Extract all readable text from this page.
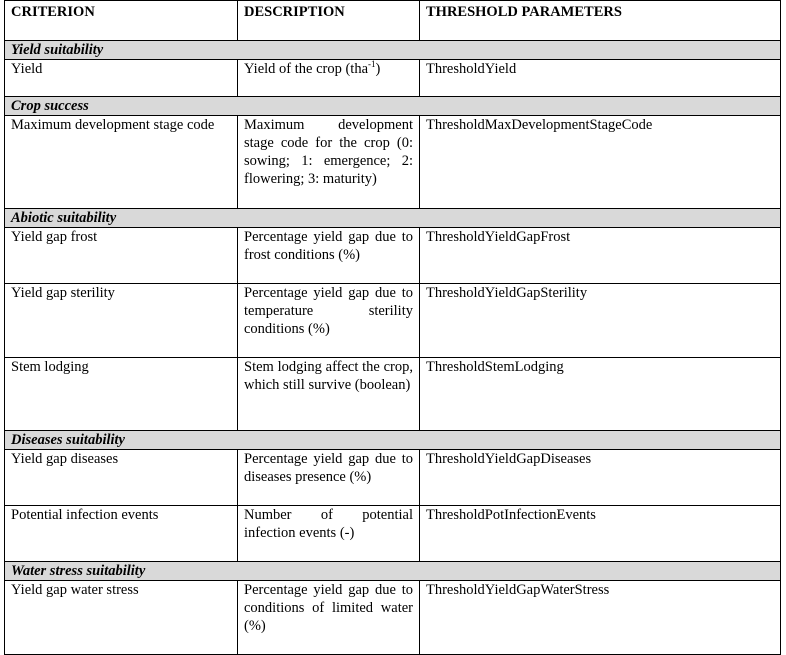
CRITERION	DESCRIPTION	THRESHOLD PARAMETERS
Yield suitability		
Yield	Yield of the crop (tha$^{-1}$)	ThresholdYield
Crop success		
Maximum development stage code	Maximum development stage code for the crop (0: sowing; 1: emergence; 2: flowering; 3: maturity)	ThresholdMaxDevelopmentStageCode
Abiotic suitability		
Yield gap frost	Percentage yield gap due to frost conditions (%)	ThresholdYieldGapFrost
Yield gap sterility	Percentage yield gap due to temperature sterility conditions (%)	ThresholdYieldGapSterility
Stem lodging	Stem lodging affect the crop, which still survive (boolean)	ThresholdStemLodging
Diseases suitability		
Yield gap diseases	Percentage yield gap due to diseases presence (%)	ThresholdYieldGapDiseases
Potential infection events	Number of potential infection events (-)	ThresholdPotInfectionEvents
Water stress suitability		
Yield gap water stress	Percentage yield gap due to conditions of limited water (%)	ThresholdYieldGapWaterStress
